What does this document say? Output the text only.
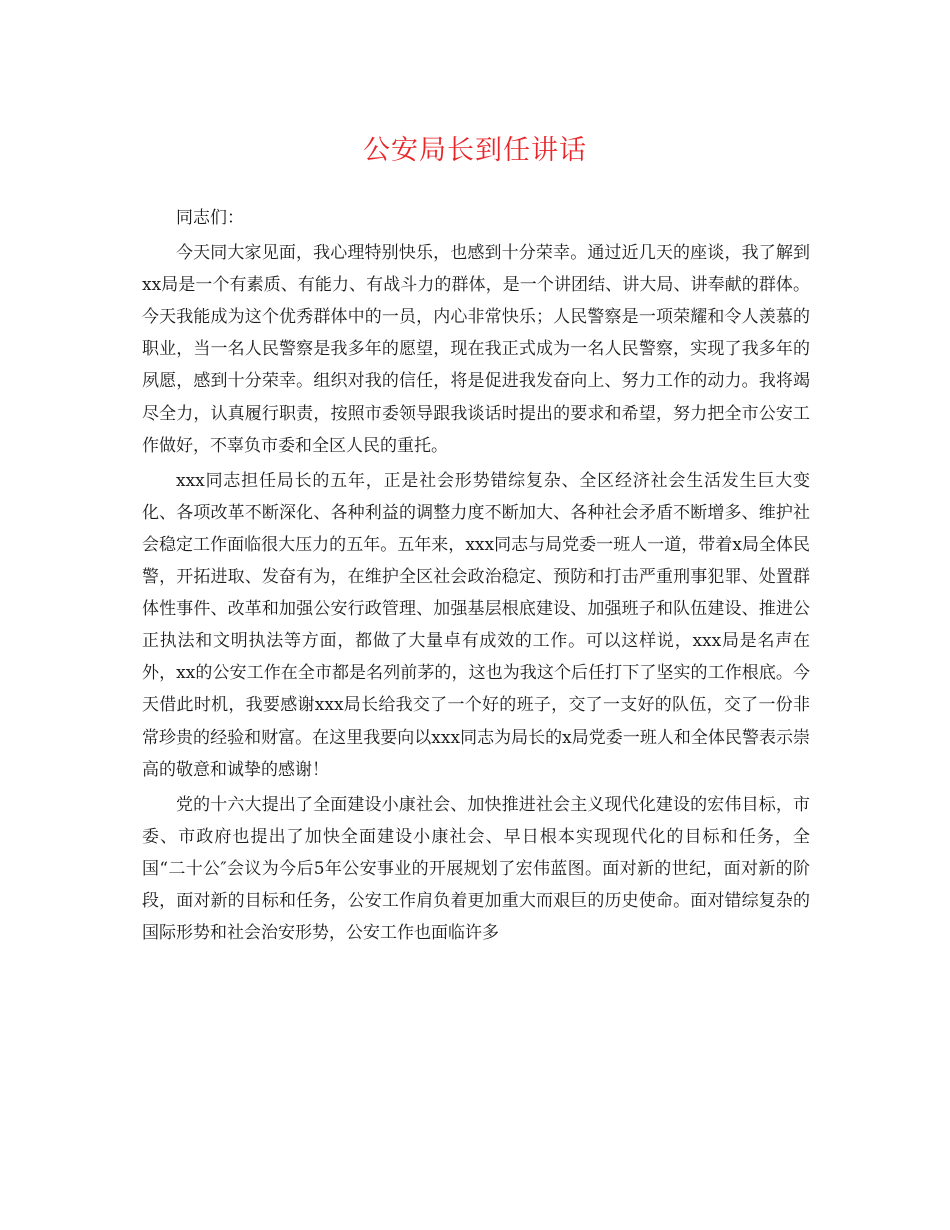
公安局长到任讲话

同志们：

今天同大家见面，我心理特别快乐，也感到十分荣幸。通过近几天的座谈，我了解到xx局是一个有素质、有能力、有战斗力的群体，是一个讲团结、讲大局、讲奉献的群体。今天我能成为这个优秀群体中的一员，内心非常快乐；人民警察是一项荣耀和令人羡慕的职业，当一名人民警察是我多年的愿望，现在我正式成为一名人民警察，实现了我多年的夙愿，感到十分荣幸。组织对我的信任，将是促进我发奋向上、努力工作的动力。我将竭尽全力，认真履行职责，按照市委领导跟我谈话时提出的要求和希望，努力把全市公安工作做好，不辜负市委和全区人民的重托。

xxx同志担任局长的五年，正是社会形势错综复杂、全区经济社会生活发生巨大变化、各项改革不断深化、各种利益的调整力度不断加大、各种社会矛盾不断增多、维护社会稳定工作面临很大压力的五年。五年来，xxx同志与局党委一班人一道，带着x局全体民警，开拓进取、发奋有为，在维护全区社会政治稳定、预防和打击严重刑事犯罪、处置群体性事件、改革和加强公安行政管理、加强基层根底建设、加强班子和队伍建设、推进公正执法和文明执法等方面，都做了大量卓有成效的工作。可以这样说，xxx局是名声在外，xx的公安工作在全市都是名列前茅的，这也为我这个后任打下了坚实的工作根底。今天借此时机，我要感谢xxx局长给我交了一个好的班子，交了一支好的队伍，交了一份非常珍贵的经验和财富。在这里我要向以xxx同志为局长的x局党委一班人和全体民警表示崇高的敬意和诚挚的感谢！

党的十六大提出了全面建设小康社会、加快推进社会主义现代化建设的宏伟目标，市委、市政府也提出了加快全面建设小康社会、早日根本实现现代化的目标和任务，全国“二十公″会议为今后5年公安事业的开展规划了宏伟蓝图。面对新的世纪，面对新的阶段，面对新的目标和任务，公安工作肩负着更加重大而艰巨的历史使命。面对错综复杂的国际形势和社会治安形势，公安工作也面临许多
